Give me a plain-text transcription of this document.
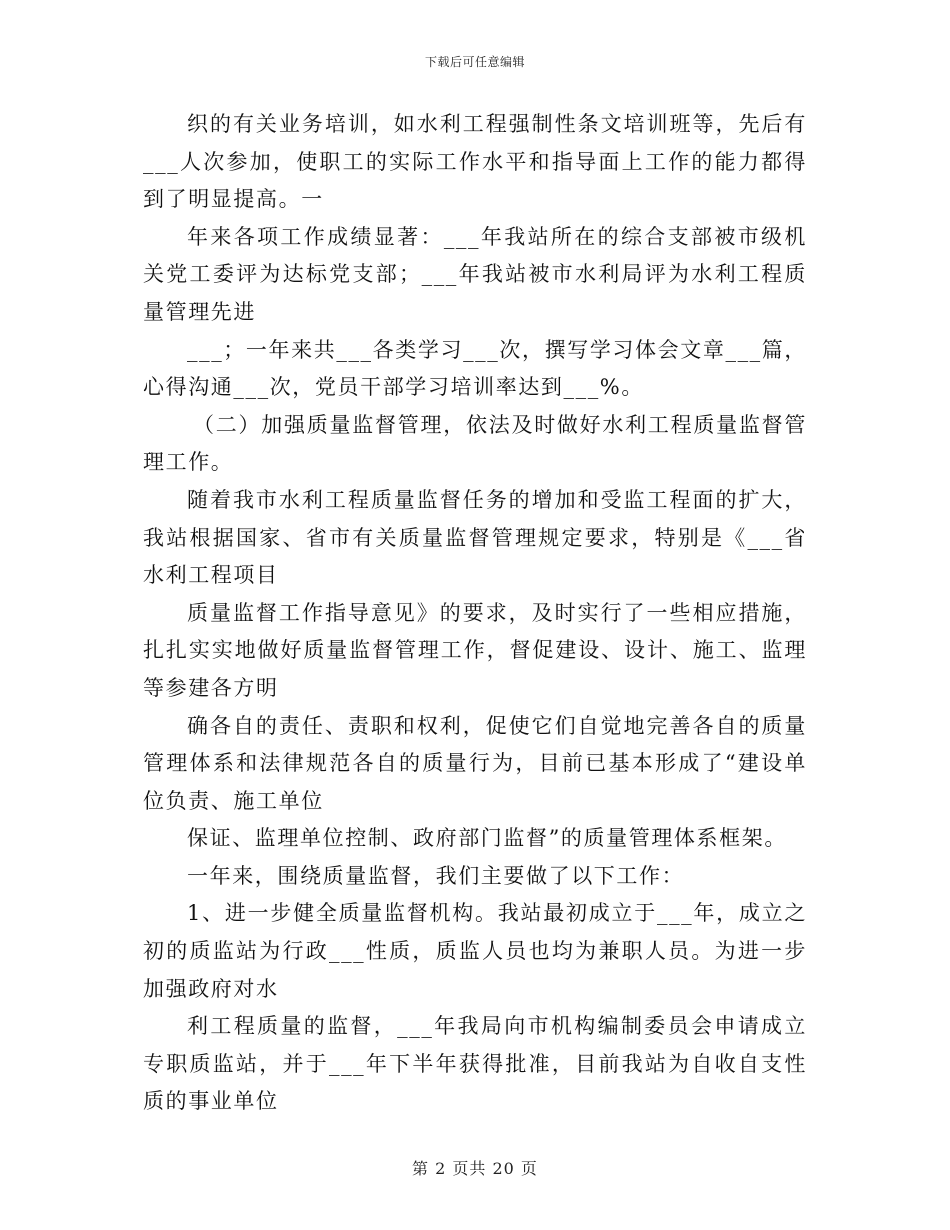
下载后可任意编辑

织的有关业务培训，如水利工程强制性条文培训班等，先后有___人次参加，使职工的实际工作水平和指导面上工作的能力都得到了明显提高。一

年来各项工作成绩显著：___年我站所在的综合支部被市级机关党工委评为达标党支部；___年我站被市水利局评为水利工程质量管理先进

___；一年来共___各类学习___次，撰写学习体会文章___篇，心得沟通___次，党员干部学习培训率达到___%。

（二）加强质量监督管理，依法及时做好水利工程质量监督管理工作。

随着我市水利工程质量监督任务的增加和受监工程面的扩大，我站根据国家、省市有关质量监督管理规定要求，特别是《___省水利工程项目

质量监督工作指导意见》的要求，及时实行了一些相应措施，扎扎实实地做好质量监督管理工作，督促建设、设计、施工、监理等参建各方明

确各自的责任、责职和权利，促使它们自觉地完善各自的质量管理体系和法律规范各自的质量行为，目前已基本形成了“建设单位负责、施工单位

保证、监理单位控制、政府部门监督”的质量管理体系框架。

一年来，围绕质量监督，我们主要做了以下工作：

1、进一步健全质量监督机构。我站最初成立于___年，成立之初的质监站为行政___性质，质监人员也均为兼职人员。为进一步加强政府对水

利工程质量的监督，___年我局向市机构编制委员会申请成立专职质监站，并于___年下半年获得批准，目前我站为自收自支性质的事业单位

第 2 页共 20 页
